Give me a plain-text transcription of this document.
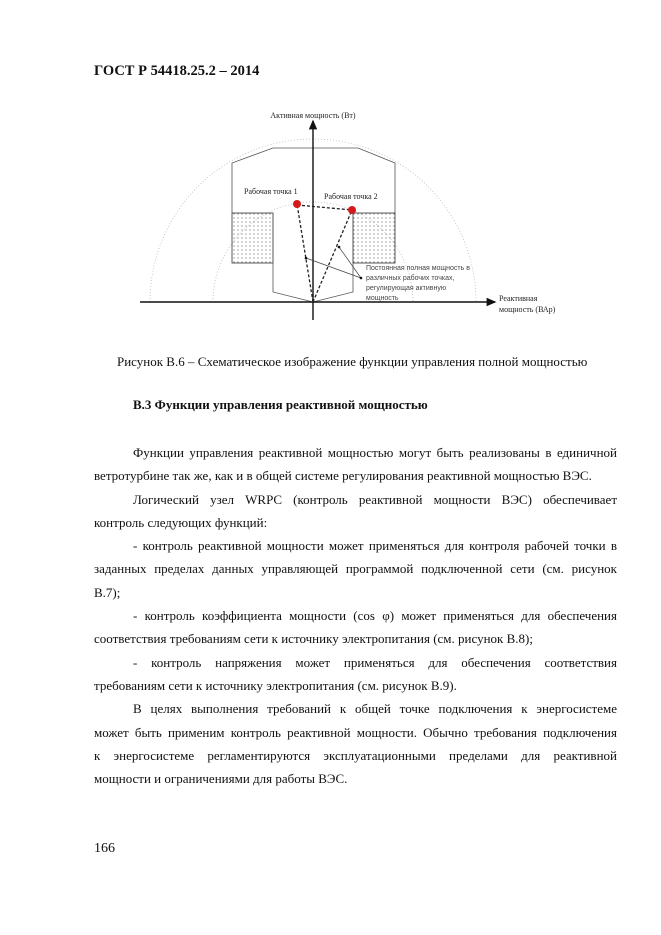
ГОСТ Р 54418.25.2 – 2014
Активная мощность (Вт)
Рабочая точка 1
Рабочая точка 2
Постоянная полная мощность в
различных рабочих точках,
регулирующая активную
мощность	Реактивная
мощность (ВАр)
Рисунок В.6 – Схематическое изображение функции управления полной мощностью
В.3 Функции управления реактивной мощностью
Функции управления реактивной мощностью могут быть реализованы в единичной
ветротурбине так же, как и в общей системе регулирования реактивной мощностью ВЭС.
Логический узел WRPC (контроль реактивной мощности ВЭС) обеспечивает
контроль следующих функций:
- контроль реактивной мощности может применяться для контроля рабочей точки в
заданных пределах данных управляющей программой подключенной сети (см. рисунок
В.7);
- контроль коэффициента мощности (cos φ) может применяться для обеспечения
соответствия требованиям сети к источнику электропитания (см. рисунок В.8);
- контроль напряжения может применяться для обеспечения соответствия
требованиям сети к источнику электропитания (см. рисунок В.9).
В целях выполнения требований к общей точке подключения к энергосистеме
может быть применим контроль реактивной мощности. Обычно требования подключения
к энергосистеме регламентируются эксплуатационными пределами для реактивной
мощности и ограничениями для работы ВЭС.
166
